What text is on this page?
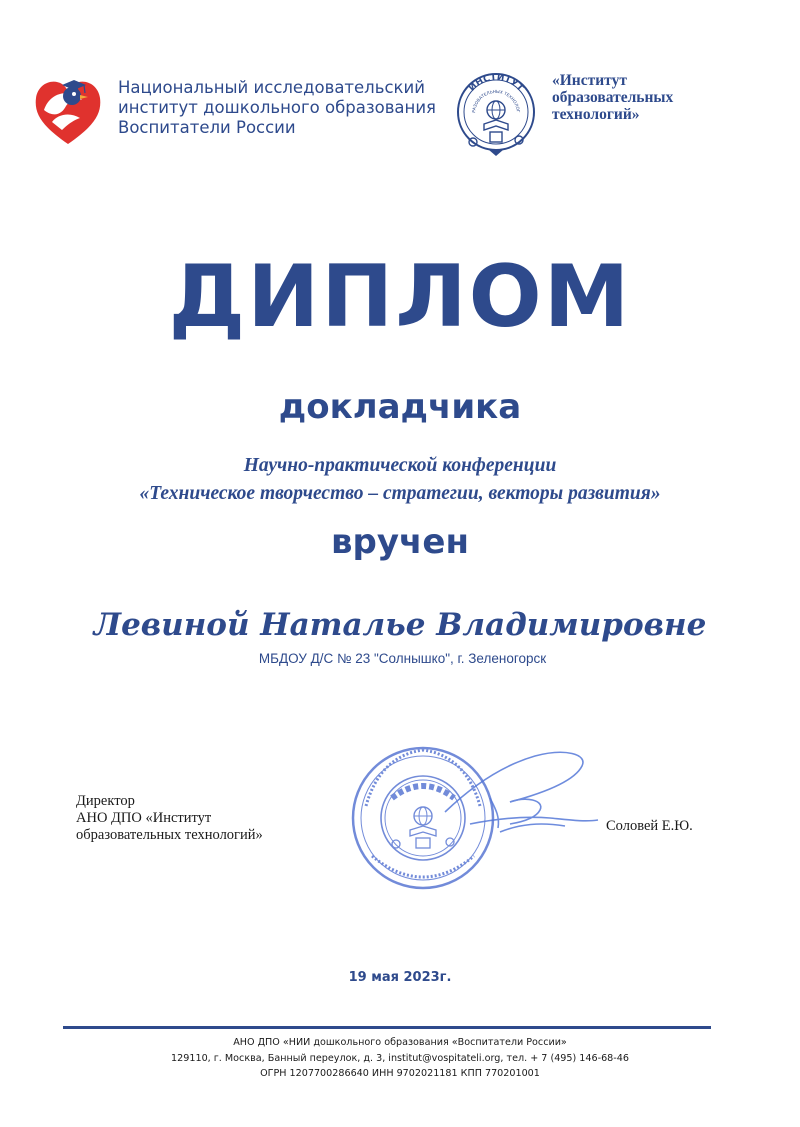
Национальный исследовательский
институт дошкольного образования
Воспитатели России
ИНСТИТУТ
РАЗОВАТЕЛЬНЫХ ТЕХНОЛОГ
«Институт
образовательных
технологий»
ДИПЛОМ
докладчика
Научно-практической конференции
«Техническое творчество – стратегии, векторы развития»
вручен
Левиной Наталье Владимировне
МБДОУ Д/С № 23 "Солнышко", г. Зеленогорск
Директор
АНО ДПО «Институт
образовательных технологий»
Соловей Е.Ю.
19 мая 2023г.
АНО ДПО «НИИ дошкольного образования «Воспитатели России»
129110, г. Москва, Банный переулок, д. 3, institut@vospitateli.org, тел. + 7 (495) 146-68-46
ОГРН 1207700286640 ИНН 9702021181 КПП 770201001
